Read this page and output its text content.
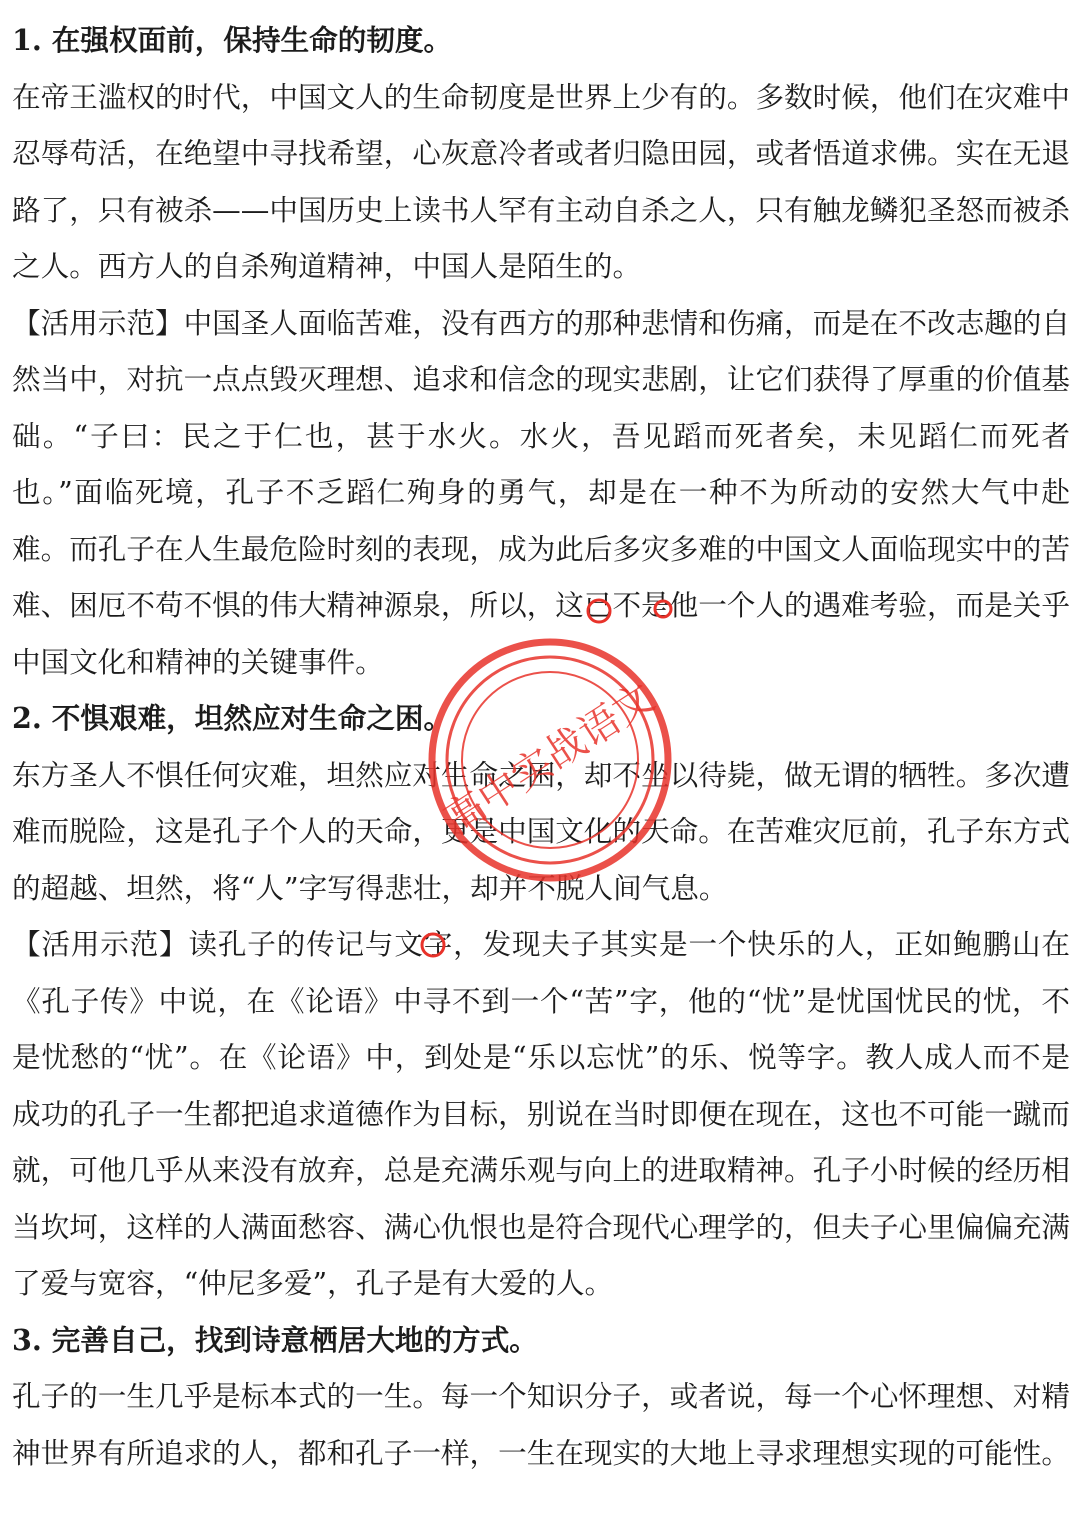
1. 在强权面前，保持生命的韧度。

在帝王滥权的时代，中国文人的生命韧度是世界上少有的。多数时候，他们在灾难中忍辱苟活，在绝望中寻找希望，心灰意冷者或者归隐田园，或者悟道求佛。实在无退路了，只有被杀——中国历史上读书人罕有主动自杀之人，只有触龙鳞犯圣怒而被杀之人。西方人的自杀殉道精神，中国人是陌生的。

【活用示范】中国圣人面临苦难，没有西方的那种悲情和伤痛，而是在不改志趣的自然当中，对抗一点点毁灭理想、追求和信念的现实悲剧，让它们获得了厚重的价值基础。“子曰：民之于仁也，甚于水火。水火，吾见蹈而死者矣，未见蹈仁而死者也。”面临死境，孔子不乏蹈仁殉身的勇气，却是在一种不为所动的安然大气中赴难。而孔子在人生最危险时刻的表现，成为此后多灾多难的中国文人面临现实中的苦难、困厄不苟不惧的伟大精神源泉，所以，这已不是他一个人的遇难考验，而是关乎中国文化和精神的关键事件。

2. 不惧艰难，坦然应对生命之困。

东方圣人不惧任何灾难，坦然应对生命之困，却不坐以待毙，做无谓的牺牲。多次遭难而脱险，这是孔子个人的天命，更是中国文化的天命。在苦难灾厄前，孔子东方式的超越、坦然，将“人”字写得悲壮，却并不脱人间气息。

【活用示范】读孔子的传记与文字，发现夫子其实是一个快乐的人，正如鲍鹏山在《孔子传》中说，在《论语》中寻不到一个“苦”字，他的“忧”是忧国忧民的忧，不是忧愁的“忧”。在《论语》中，到处是“乐以忘忧”的乐、悦等字。教人成人而不是成功的孔子一生都把追求道德作为目标，别说在当时即便在现在，这也不可能一蹴而就，可他几乎从来没有放弃，总是充满乐观与向上的进取精神。孔子小时候的经历相当坎坷，这样的人满面愁容、满心仇恨也是符合现代心理学的，但夫子心里偏偏充满了爱与宽容，“仲尼多爱”，孔子是有大爱的人。

3. 完善自己，找到诗意栖居大地的方式。

孔子的一生几乎是标本式的一生。每一个知识分子，或者说，每一个心怀理想、对精神世界有所追求的人，都和孔子一样，一生在现实的大地上寻求理想实现的可能性。

高中实战语文
